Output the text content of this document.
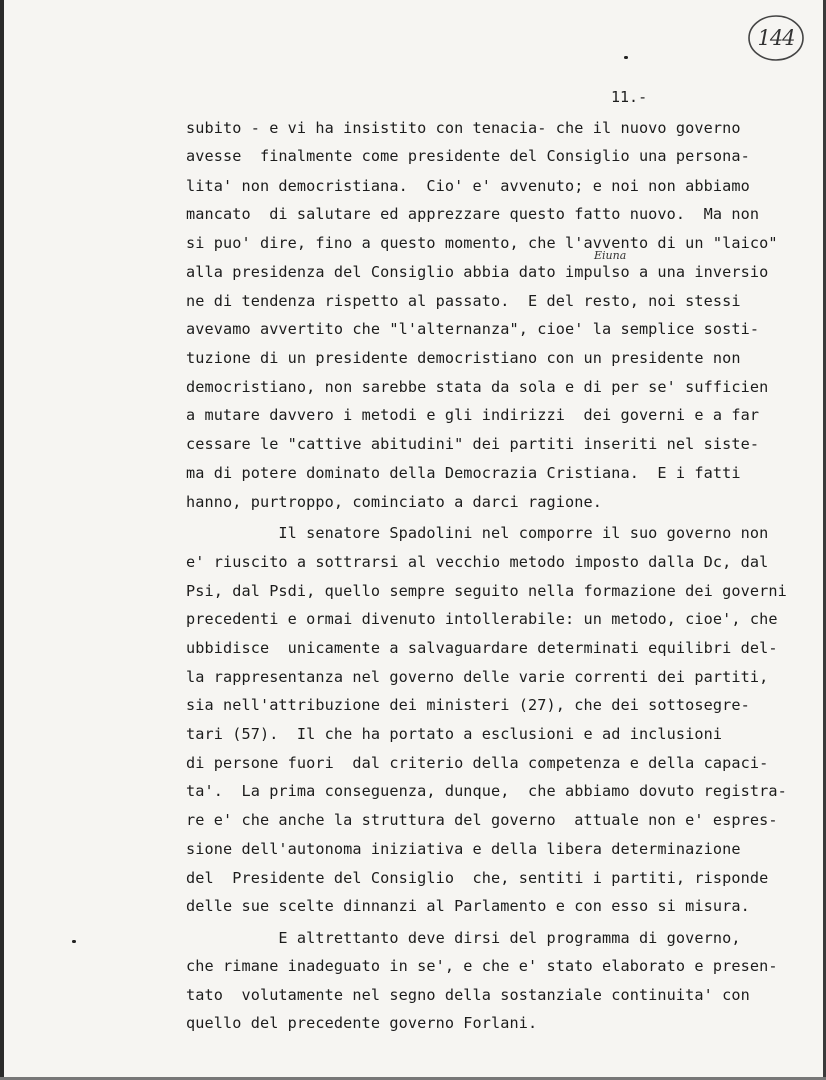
144
11.-
Eiuna
subito - e vi ha insistito con tenacia- che il nuovo governo
avesse  finalmente come presidente del Consiglio una persona-
lita' non democristiana.  Cio' e' avvenuto; e noi non abbiamo
mancato  di salutare ed apprezzare questo fatto nuovo.  Ma non
si puo' dire, fino a questo momento, che l'avvento di un "laico"
alla presidenza del Consiglio abbia dato impulso a una inversio
ne di tendenza rispetto al passato.  E del resto, noi stessi
avevamo avvertito che "l'alternanza", cioe' la semplice sosti-
tuzione di un presidente democristiano con un presidente non
democristiano, non sarebbe stata da sola e di per se' sufficien
a mutare davvero i metodi e gli indirizzi  dei governi e a far
cessare le "cattive abitudini" dei partiti inseriti nel siste-
ma di potere dominato della Democrazia Cristiana.  E i fatti
hanno, purtroppo, cominciato a darci ragione.
Il senatore Spadolini nel comporre il suo governo non
e' riuscito a sottrarsi al vecchio metodo imposto dalla Dc, dal
Psi, dal Psdi, quello sempre seguito nella formazione dei governi
precedenti e ormai divenuto intollerabile: un metodo, cioe', che
ubbidisce  unicamente a salvaguardare determinati equilibri del-
la rappresentanza nel governo delle varie correnti dei partiti,
sia nell'attribuzione dei ministeri (27), che dei sottosegre-
tari (57).  Il che ha portato a esclusioni e ad inclusioni
di persone fuori  dal criterio della competenza e della capaci-
ta'.  La prima conseguenza, dunque,  che abbiamo dovuto registra-
re e' che anche la struttura del governo  attuale non e' espres-
sione dell'autonoma iniziativa e della libera determinazione
del  Presidente del Consiglio  che, sentiti i partiti, risponde
delle sue scelte dinnanzi al Parlamento e con esso si misura.
E altrettanto deve dirsi del programma di governo,
che rimane inadeguato in se', e che e' stato elaborato e presen-
tato  volutamente nel segno della sostanziale continuita' con
quello del precedente governo Forlani.
